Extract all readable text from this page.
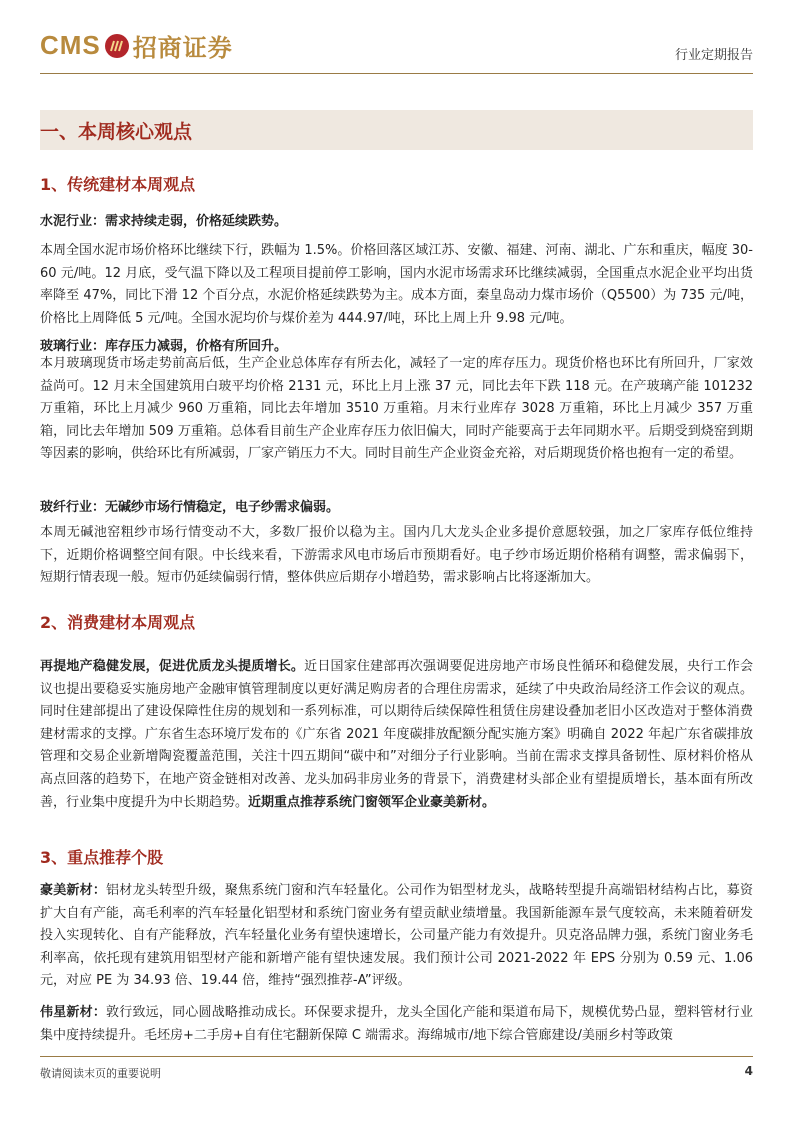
CMS 招商证券	行业定期报告
一、本周核心观点
1、传统建材本周观点
水泥行业：需求持续走弱，价格延续跌势。
本周全国水泥市场价格环比继续下行，跌幅为 1.5%。价格回落区域江苏、安徽、福建、河南、湖北、广东和重庆，幅度 30-60 元/吨。12 月底，受气温下降以及工程项目提前停工影响，国内水泥市场需求环比继续减弱，全国重点水泥企业平均出货率降至 47%，同比下滑 12 个百分点，水泥价格延续跌势为主。成本方面，秦皇岛动力煤市场价（Q5500）为 735 元/吨，价格比上周降低 5 元/吨。全国水泥均价与煤价差为 444.97/吨，环比上周上升 9.98 元/吨。
玻璃行业：库存压力减弱，价格有所回升。
本月玻璃现货市场走势前高后低，生产企业总体库存有所去化，减轻了一定的库存压力。现货价格也环比有所回升，厂家效益尚可。12 月末全国建筑用白玻平均价格 2131 元，环比上月上涨 37 元，同比去年下跌 118 元。在产玻璃产能 101232 万重箱，环比上月减少 960 万重箱，同比去年增加 3510 万重箱。月末行业库存 3028 万重箱，环比上月减少 357 万重箱，同比去年增加 509 万重箱。总体看目前生产企业库存压力依旧偏大，同时产能要高于去年同期水平。后期受到烧窑到期等因素的影响，供给环比有所减弱，厂家产销压力不大。同时目前生产企业资金充裕，对后期现货价格也抱有一定的希望。
玻纤行业：无碱纱市场行情稳定，电子纱需求偏弱。
本周无碱池窑粗纱市场行情变动不大，多数厂报价以稳为主。国内几大龙头企业多提价意愿较强，加之厂家库存低位维持下，近期价格调整空间有限。中长线来看，下游需求风电市场后市预期看好。电子纱市场近期价格稍有调整，需求偏弱下，短期行情表现一般。短市仍延续偏弱行情，整体供应后期存小增趋势，需求影响占比将逐渐加大。
2、消费建材本周观点
再提地产稳健发展，促进优质龙头提质增长。近日国家住建部再次强调要促进房地产市场良性循环和稳健发展，央行工作会议也提出要稳妥实施房地产金融审慎管理制度以更好满足购房者的合理住房需求，延续了中央政治局经济工作会议的观点。同时住建部提出了建设保障性住房的规划和一系列标准，可以期待后续保障性租赁住房建设叠加老旧小区改造对于整体消费建材需求的支撑。广东省生态环境厅发布的《广东省 2021 年度碳排放配额分配实施方案》明确自 2022 年起广东省碳排放管理和交易企业新增陶瓷覆盖范围，关注十四五期间“碳中和”对细分子行业影响。当前在需求支撑具备韧性、原材料价格从高点回落的趋势下，在地产资金链相对改善、龙头加码非房业务的背景下，消费建材头部企业有望提质增长，基本面有所改善，行业集中度提升为中长期趋势。近期重点推荐系统门窗领军企业豪美新材。
3、重点推荐个股
豪美新材：铝材龙头转型升级，聚焦系统门窗和汽车轻量化。公司作为铝型材龙头，战略转型提升高端铝材结构占比，募资扩大自有产能，高毛利率的汽车轻量化铝型材和系统门窗业务有望贡献业绩增量。我国新能源车景气度较高，未来随着研发投入实现转化、自有产能释放，汽车轻量化业务有望快速增长，公司量产能力有效提升。贝克洛品牌力强，系统门窗业务毛利率高，依托现有建筑用铝型材产能和新增产能有望快速发展。我们预计公司 2021-2022 年 EPS 分别为 0.59 元、1.06 元，对应 PE 为 34.93 倍、19.44 倍，维持“强烈推荐-A”评级。
伟星新材：敦行致远，同心圆战略推动成长。环保要求提升，龙头全国化产能和渠道布局下，规模优势凸显，塑料管材行业集中度持续提升。毛坯房+二手房+自有住宅翻新保障 C 端需求。海绵城市/地下综合管廊建设/美丽乡村等政策
敬请阅读末页的重要说明	4
